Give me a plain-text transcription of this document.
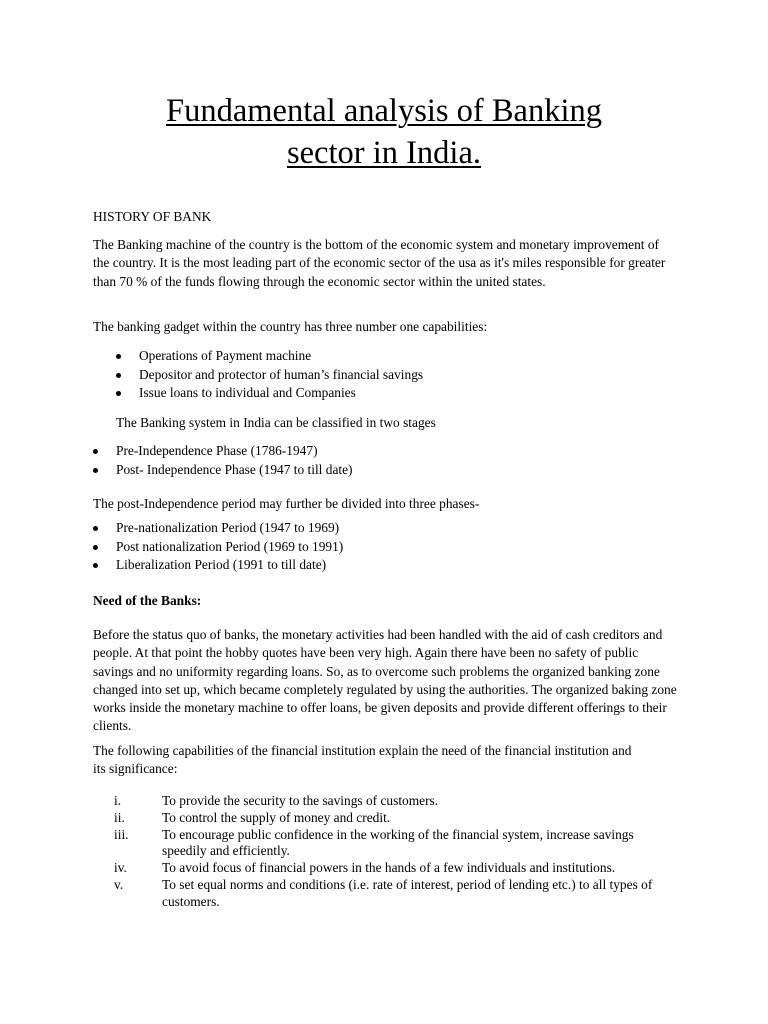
Fundamental analysis of Banking
sector in India.

HISTORY OF BANK

The Banking machine of the country is the bottom of the economic system and monetary improvement of the country. It is the most leading part of the economic sector of the usa as it's miles responsible for greater than 70 % of the funds flowing through the economic sector within the united states.

The banking gadget within the country has three number one capabilities:

Operations of Payment machine
Depositor and protector of human’s financial savings
Issue loans to individual and Companies

The Banking system in India can be classified in two stages

Pre-Independence Phase (1786-1947)
Post- Independence Phase (1947 to till date)

The post-Independence period may further be divided into three phases-

Pre-nationalization Period (1947 to 1969)
Post nationalization Period (1969 to 1991)
Liberalization Period (1991 to till date)

Need of the Banks:

Before the status quo of banks, the monetary activities had been handled with the aid of cash creditors and people. At that point the hobby quotes have been very high. Again there have been no safety of public savings and no uniformity regarding loans. So, as to overcome such problems the organized banking zone changed into set up, which became completely regulated by using the authorities. The organized baking zone works inside the monetary machine to offer loans, be given deposits and provide different offerings to their clients.

The following capabilities of the financial institution explain the need of the financial institution and its significance:

i.	To provide the security to the savings of customers.
ii.	To control the supply of money and credit.
iii.	To encourage public confidence in the working of the financial system, increase savings speedily and efficiently.
iv.	To avoid focus of financial powers in the hands of a few individuals and institutions.
v.	To set equal norms and conditions (i.e. rate of interest, period of lending etc.) to all types of customers.
